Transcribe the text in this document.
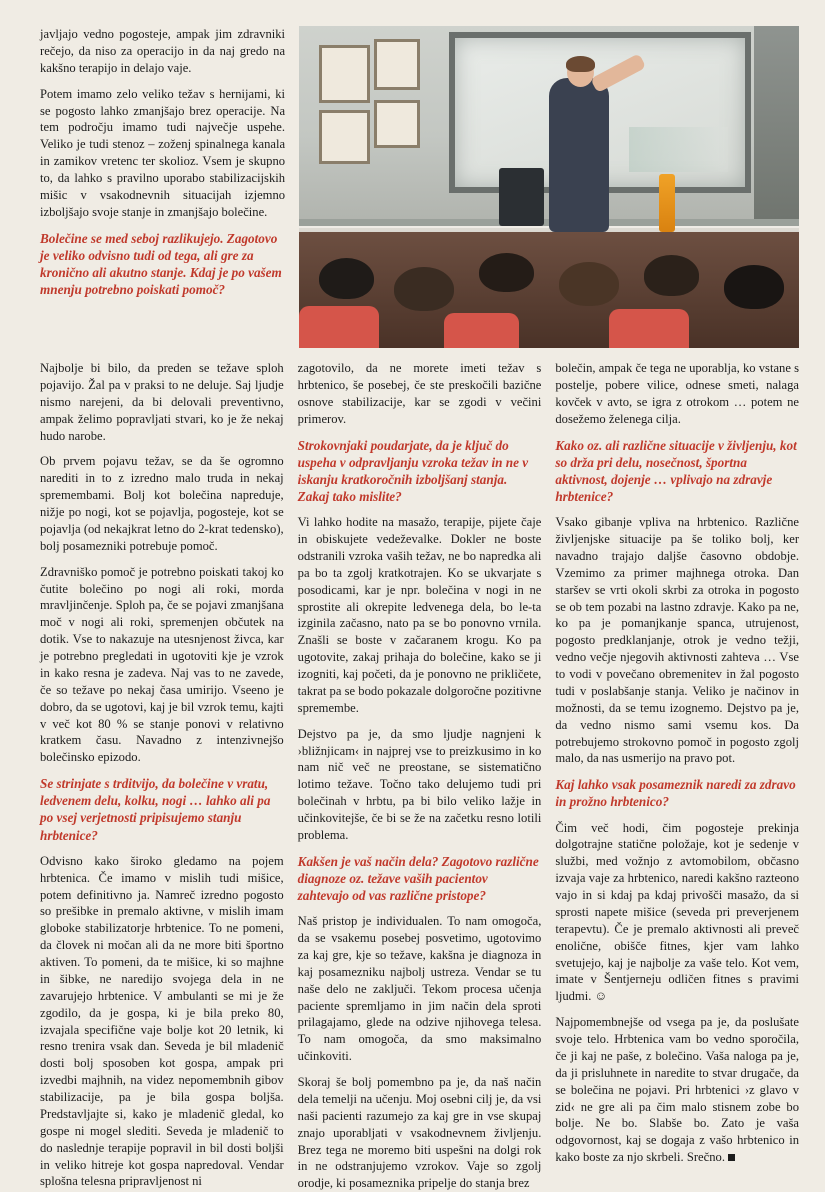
javljajo vedno pogosteje, ampak jim zdravniki rečejo, da niso za operacijo in da naj gredo na kakšno terapijo in delajo vaje.

Potem imamo zelo veliko težav s hernijami, ki se pogosto lahko zmanjšajo brez operacije. Na tem področju imamo tudi največje uspehe. Veliko je tudi stenoz – zoženj spinalnega kanala in zamikov vretenc ter skolioz. Vsem je skupno to, da lahko s pravilno uporabo stabilizacijskih mišic v vsakodnevnih situacijah izjemno izboljšajo svoje stanje in zmanjšajo bolečine.

Bolečine se med seboj razlikujejo. Zagotovo je veliko odvisno tudi od tega, ali gre za kronično ali akutno stanje. Kdaj je po vašem mnenju potrebno poiskati pomoč?

Najbolje bi bilo, da preden se težave sploh pojavijo. Žal pa v praksi to ne deluje. Saj ljudje nismo narejeni, da bi delovali preventivno, ampak želimo popravljati stvari, ko je že nekaj hudo narobe.

Ob prvem pojavu težav, se da še ogromno narediti in to z izredno malo truda in nekaj spremembami. Bolj kot bolečina napreduje, nižje po nogi, kot se pojavlja, pogosteje, kot se pojavlja (od nekajkrat letno do 2-krat tedensko), bolj posamezniki potrebuje pomoč.

Zdravniško pomoč je potrebno poiskati takoj ko čutite bolečino po nogi ali roki, morda mravljinčenje. Sploh pa, če se pojavi zmanjšana moč v nogi ali roki, spremenjen občutek na dotik. Vse to nakazuje na utesnjenost živca, kar je potrebno pregledati in ugotoviti kje je vzrok in kako resna je zadeva. Naj vas to ne zavede, če so težave po nekaj časa umirijo. Vseeno je dobro, da se ugotovi, kaj je bil vzrok temu, kajti v več kot 80 % se stanje ponovi v relativno kratkem času. Navadno z intenzivnejšo bolečinsko epizodo.

Se strinjate s trditvijo, da bolečine v vratu, ledvenem delu, kolku, nogi … lahko ali pa po vsej verjetnosti pripisujemo stanju hrbtenice?

Odvisno kako široko gledamo na pojem hrbtenica. Če imamo v mislih tudi mišice, potem definitivno ja. Namreč izredno pogosto so prešibke in premalo aktivne, v mislih imam globoke stabilizatorje hrbtenice. To ne pomeni, da človek ni močan ali da ne more biti športno aktiven. To pomeni, da te mišice, ki so majhne in šibke, ne naredijo svojega dela in ne zavarujejo hrbtenice. V ambulanti se mi je že zgodilo, da je gospa, ki je bila preko 80, izvajala specifične vaje bolje kot 20 letnik, ki resno trenira vsak dan. Seveda je bil mladenič dosti bolj sposoben kot gospa, ampak pri izvedbi majhnih, na videz nepomembnih gibov stabilizacije, pa je bila gospa boljša. Predstavljajte si, kako je mladenič gledal, ko gospe ni mogel slediti. Seveda je mladenič to do naslednje terapije popravil in bil dosti boljši in veliko hitreje kot gospa napredoval. Vendar splošna telesna pripravljenost ni

zagotovilo, da ne morete imeti težav s hrbtenico, še posebej, če ste preskočili bazične osnove stabilizacije, kar se zgodi v večini primerov.

Strokovnjaki poudarjate, da je ključ do uspeha v odpravljanju vzroka težav in ne v iskanju kratkoročnih izboljšanj stanja. Zakaj tako mislite?

Vi lahko hodite na masažo, terapije, pijete čaje in obiskujete vedeževalke. Dokler ne boste odstranili vzroka vaših težav, ne bo napredka ali pa bo ta zgolj kratkotrajen. Ko se ukvarjate s posodicami, kar je npr. bolečina v nogi in ne sprostite ali okrepite ledvenega dela, bo le-ta izginila začasno, nato pa se bo ponovno vrnila. Znašli se boste v začaranem krogu. Ko pa ugotovite, zakaj prihaja do bolečine, kako se ji izogniti, kaj početi, da je ponovno ne prikličete, takrat pa se bodo pokazale dolgoročne pozitivne spremembe.

Dejstvo pa je, da smo ljudje nagnjeni k ›bližnjicam‹ in najprej vse to preizkusimo in ko nam nič več ne preostane, se sistematično lotimo težave. Točno tako delujemo tudi pri bolečinah v hrbtu, pa bi bilo veliko lažje in učinkovitejše, če bi se že na začetku resno lotili problema.

Kakšen je vaš način dela? Zagotovo različne diagnoze oz. težave vaših pacientov zahtevajo od vas različne pristope?

Naš pristop je individualen. To nam omogoča, da se vsakemu posebej posvetimo, ugotovimo za kaj gre, kje so težave, kakšna je diagnoza in kaj posamezniku najbolj ustreza. Vendar se tu naše delo ne zaključi. Tekom procesa učenja paciente spremljamo in jim način dela sproti prilagajamo, glede na odzive njihovega telesa. To nam omogoča, da smo maksimalno učinkoviti.

Skoraj še bolj pomembno pa je, da naš način dela temelji na učenju. Moj osebni cilj je, da vsi naši pacienti razumejo za kaj gre in vse skupaj znajo uporabljati v vsakodnevnem življenju. Brez tega ne moremo biti uspešni na dolgi rok in ne odstranjujemo vzrokov. Vaje so zgolj orodje, ki posameznika pripelje do stanja brez

bolečin, ampak če tega ne uporablja, ko vstane s postelje, pobere vilice, odnese smeti, nalaga kovček v avto, se igra z otrokom … potem ne dosežemo želenega cilja.

Kako oz. ali različne situacije v življenju, kot so drža pri delu, nosečnost, športna aktivnost, dojenje … vplivajo na zdravje hrbtenice?

Vsako gibanje vpliva na hrbtenico. Različne življenjske situacije pa še toliko bolj, ker navadno trajajo daljše časovno obdobje. Vzemimo za primer majhnega otroka. Dan staršev se vrti okoli skrbi za otroka in pogosto se ob tem pozabi na lastno zdravje. Kako pa ne, ko pa je pomanjkanje spanca, utrujenost, pogosto predklanjanje, otrok je vedno težji, vedno večje njegovih aktivnosti zahteva … Vse to vodi v povečano obremenitev in žal pogosto tudi v poslabšanje stanja. Veliko je načinov in možnosti, da se temu izognemo. Dejstvo pa je, da vedno nismo sami vsemu kos. Da potrebujemo strokovno pomoč in pogosto zgolj malo, da nas usmerijo na pravo pot.

Kaj lahko vsak posameznik naredi za zdravo in prožno hrbtenico?

Čim več hodi, čim pogosteje prekinja dolgotrajne statične položaje, kot je sedenje v službi, med vožnjo z avtomobilom, občasno izvaja vaje za hrbtenico, naredi kakšno razteono vajo in si kdaj pa kdaj privošči masažo, da si sprosti napete mišice (seveda pri preverjenem terapevtu). Če je premalo aktivnosti ali preveč enolične, obišče fitnes, kjer vam lahko svetujejo, kaj je najbolje za vaše telo. Kot vem, imate v Šentjerneju odličen fitnes s pravimi ljudmi. ☺

Najpomembnejše od vsega pa je, da poslušate svoje telo. Hrbtenica vam bo vedno sporočila, če ji kaj ne paše, z bolečino. Vaša naloga pa je, da ji prisluhnete in naredite to stvar drugače, da se bolečina ne pojavi. Pri hrbtenici ›z glavo v zid‹ ne gre ali pa čim malo stisnem zobe bo bolje. Ne bo. Slabše bo. Zato je vaša odgovornost, kaj se dogaja z vašo hrbtenico in kako boste za njo skrbeli. Srečno.
